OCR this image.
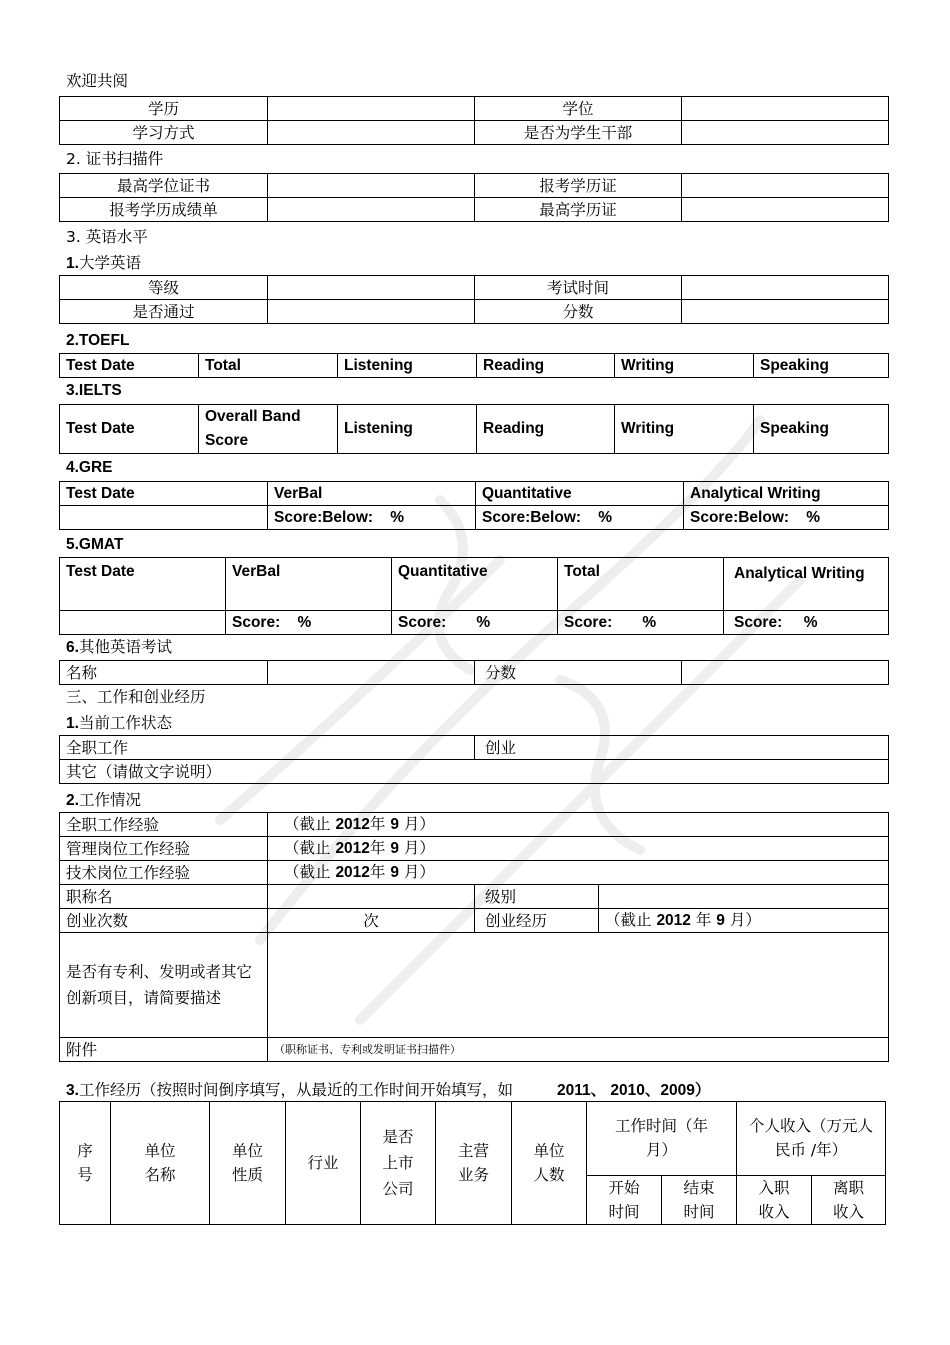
欢迎共阅
学历		学位	
学习方式		是否为学生干部	
2. 证书扫描件
最高学位证书		报考学历证	
报考学历成绩单		最高学历证	
3. 英语水平
1.大学英语
等级		考试时间	
是否通过		分数	
2.TOEFL
Test Date	Total	Listening	Reading	Writing	Speaking
3.IELTS
Test Date	Overall Band Score	Listening	Reading	Writing	Speaking
4.GRE
Test Date	VerBal	Quantitative	Analytical Writing
	Score:Below:    %	Score:Below:    %	Score:Below:    %
5.GMAT
Test Date	VerBal	Quantitative	Total	Analytical Writing
	Score:    %	Score:       %	Score:       %	Score:     %
6.其他英语考试
名称		分数	
三、工作和创业经历
1.当前工作状态
全职工作	创业
其它（请做文字说明）
2.工作情况
全职工作经验	（截止 2012年 9 月）		
管理岗位工作经验	（截止 2012年 9 月）		
技术岗位工作经验	（截止 2012年 9 月）		
职称名		级别	
创业次数	次	创业经历	（截止 2012 年 9 月）
是否有专利、发明或者其它创新项目，请简要描述			
附件	（职称证书、专利或发明证书扫描件）		
3.工作经历（按照时间倒序填写，从最近的工作时间开始填写，如	2011、 2010、2009）
序号	单位名称	单位性质	行业	是否上市公司	主营业务	单位人数	工作时间（年月）		个人收入（万元人民币 /年）	
							开始时间	结束时间	入职收入	离职收入
